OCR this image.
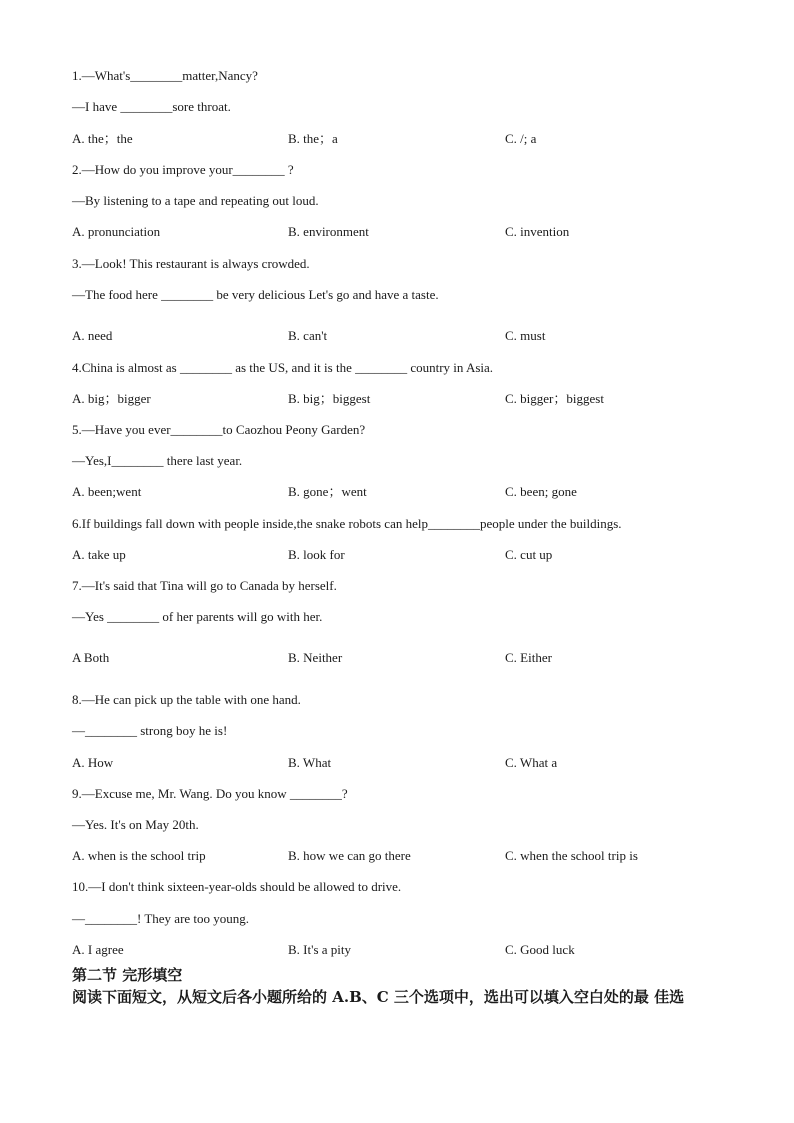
1.—What's________matter,Nancy?
—I have ________sore throat.
A. the；the	B. the；a	C. /; a
2.—How do you improve your________ ?
—By listening to a tape and repeating out loud.
A. pronunciation	B. environment	C. invention
3.—Look! This restaurant is always crowded.
—The food here ________ be very delicious Let's go and have a taste.
A. need	B. can't	C. must
4.China is almost as ________ as the US, and it is the ________ country in Asia.
A. big；bigger	B. big；biggest	C. bigger；biggest
5.—Have you ever________to Caozhou Peony Garden?
—Yes,I________ there last year.
A. been;went	B. gone；went	C. been; gone
6.If buildings fall down with people inside,the snake robots can help________people under the buildings.
A. take up	B. look for	C. cut up
7.—It's said that Tina will go to Canada by herself.
—Yes ________ of her parents will go with her.
A Both	B. Neither	C. Either
8.—He can pick up the table with one hand.
—________ strong boy he is!
A. How	B. What	C. What a
9.—Excuse me, Mr. Wang. Do you know ________?
—Yes. It's on May 20th.
A. when is the school trip	B. how we can go there	C. when the school trip is
10.—I don't think sixteen-year-olds should be allowed to drive.
—________! They are too young.
A. I agree	B. It's a pity	C. Good luck
第二节 完形填空
阅读下面短文，从短文后各小题所给的 A.B、C 三个选项中，选出可以填入空白处的最 佳选
